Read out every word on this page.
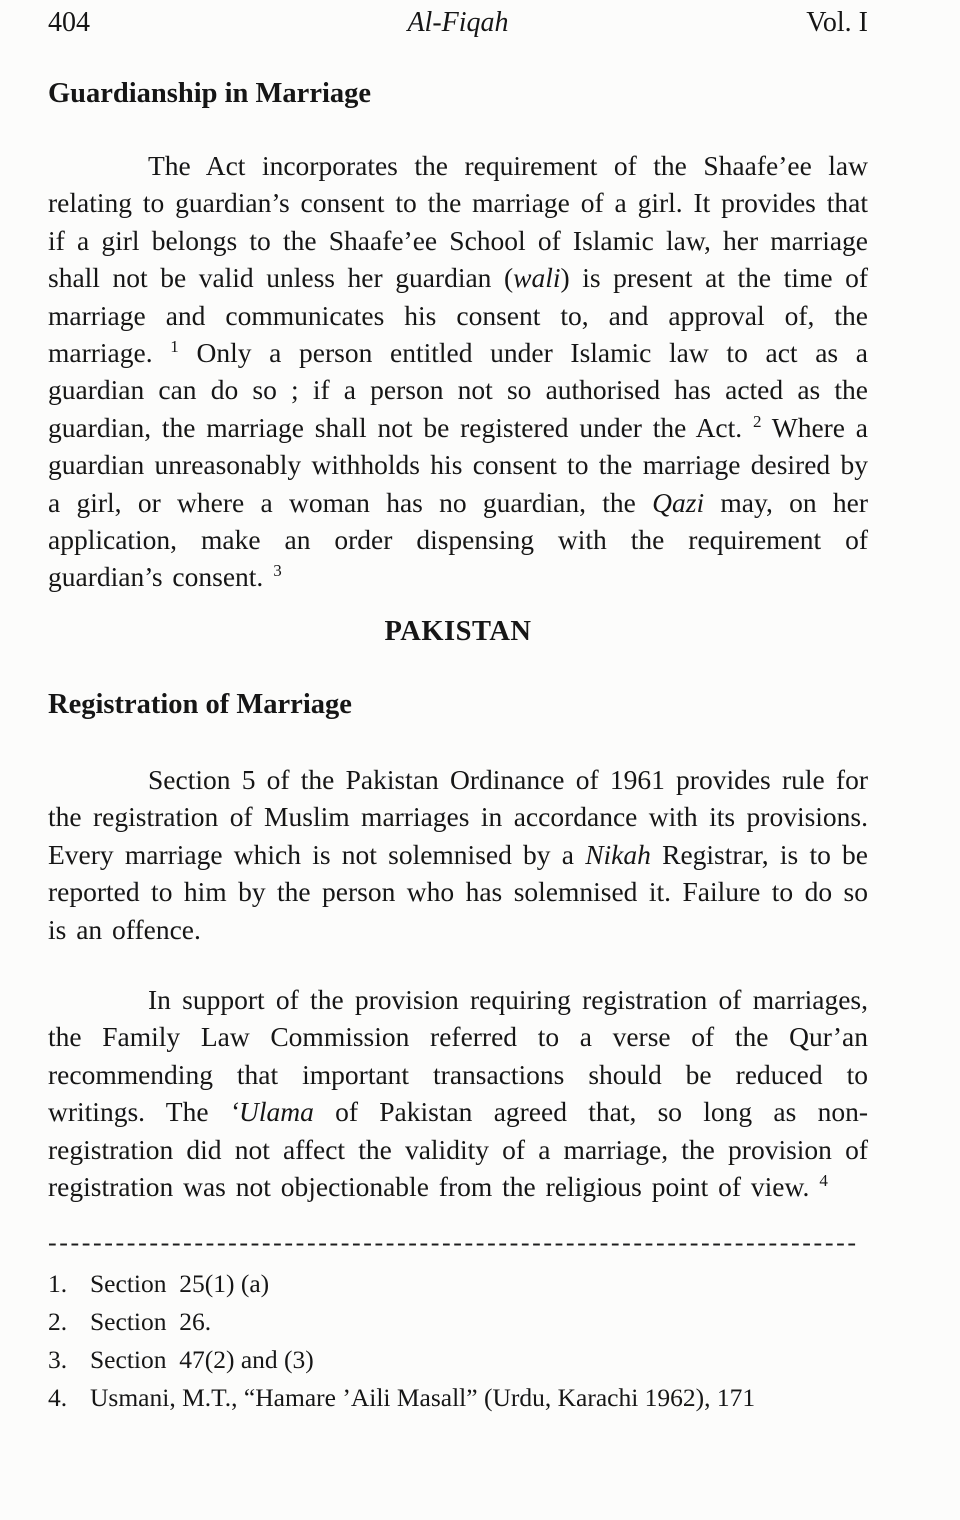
404	Al-Fiqah	Vol. I
Guardianship in Marriage

The Act incorporates the requirement of the Shaafe’ee law relating to guardian’s consent to the marriage of a girl. It provides that if a girl belongs to the Shaafe’ee School of Islamic law, her marriage shall not be valid unless her guardian (wali) is present at the time of marriage and communicates his consent to, and approval of, the marriage. $^1$ Only a person entitled under Islamic law to act as a guardian can do so ; if a person not so authorised has acted as the guardian, the marriage shall not be registered under the Act. $^2$ Where a guardian unreasonably withholds his consent to the marriage desired by a girl, or where a woman has no guardian, the Qazi may, on her application, make an order dispensing with the requirement of guardian’s consent. $^3$

PAKISTAN
Registration of Marriage

Section 5 of the Pakistan Ordinance of 1961 provides rule for the registration of Muslim marriages in accordance with its provisions. Every marriage which is not solemnised by a Nikah Registrar, is to be reported to him by the person who has solemnised it. Failure to do so is an offence.

In support of the provision requiring registration of marriages, the Family Law Commission referred to a verse of the Qur’an recommending that important transactions should be reduced to writings. The ‘Ulama of Pakistan agreed that, so long as non-registration did not affect the validity of a marriage, the provision of registration was not objectionable from the religious point of view. $^4$

------------------------------------------------------------------------
1. Section  25(1) (a)
2. Section  26.
3. Section  47(2) and (3)
4. Usmani, M.T., “Hamare ’Aili Masall” (Urdu, Karachi 1962), 171
